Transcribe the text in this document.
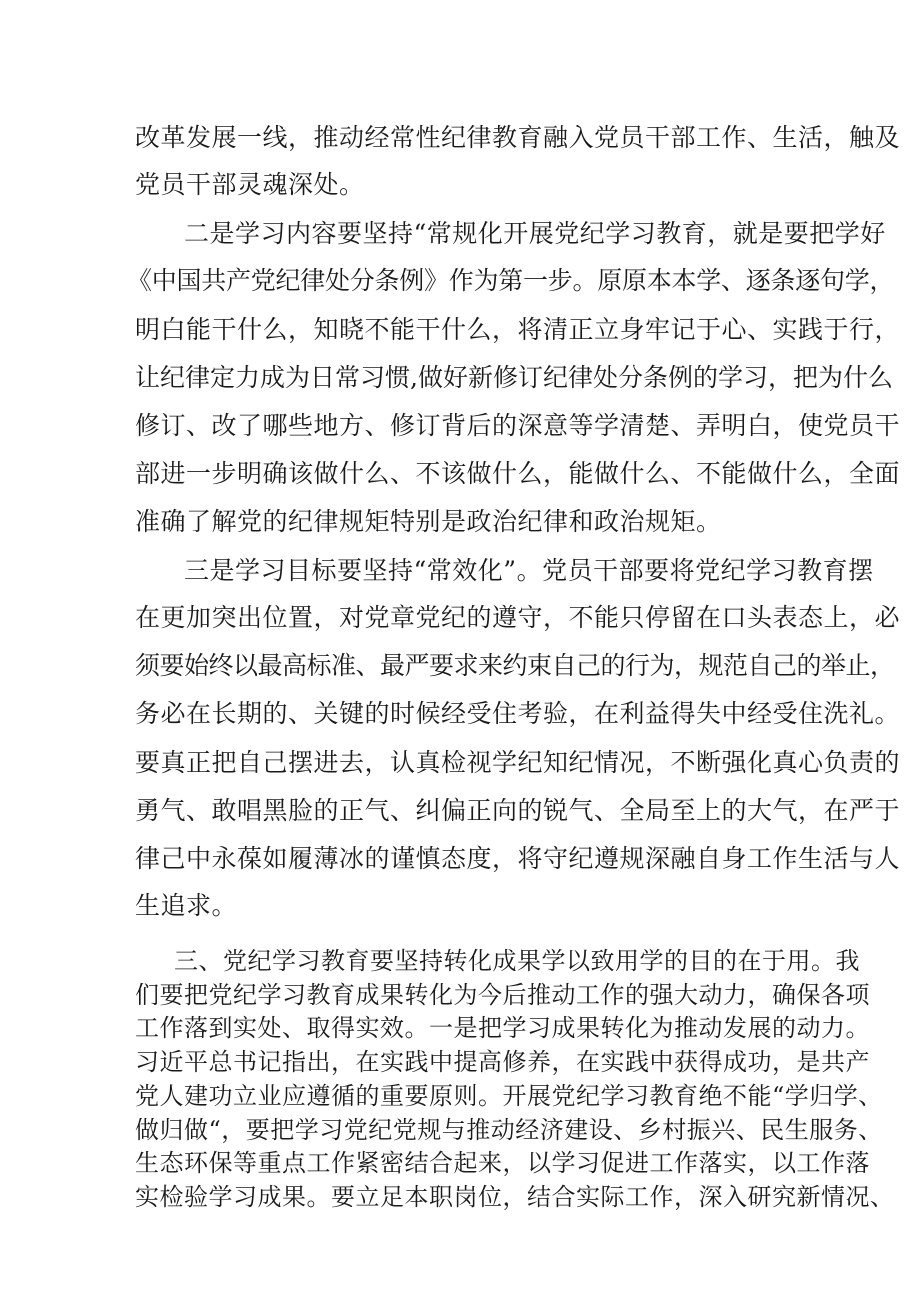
改革发展一线，推动经常性纪律教育融入党员干部工作、生活，触及
党员干部灵魂深处。
二是学习内容要坚持“常规化开展党纪学习教育，就是要把学好
《中国共产党纪律处分条例》作为第一步。原原本本学、逐条逐句学，
明白能干什么，知晓不能干什么，将清正立身牢记于心、实践于行，
让纪律定力成为日常习惯,做好新修订纪律处分条例的学习，把为什么
修订、改了哪些地方、修订背后的深意等学清楚、弄明白，使党员干
部进一步明确该做什么、不该做什么，能做什么、不能做什么，全面
准确了解党的纪律规矩特别是政治纪律和政治规矩。
三是学习目标要坚持“常效化”。党员干部要将党纪学习教育摆
在更加突出位置，对党章党纪的遵守，不能只停留在口头表态上，必
须要始终以最高标准、最严要求来约束自己的行为，规范自己的举止，
务必在长期的、关键的时候经受住考验，在利益得失中经受住洗礼。
要真正把自己摆进去，认真检视学纪知纪情况，不断强化真心负责的
勇气、敢唱黑脸的正气、纠偏正向的锐气、全局至上的大气，在严于
律己中永葆如履薄冰的谨慎态度，将守纪遵规深融自身工作生活与人
生追求。
三、党纪学习教育要坚持转化成果学以致用学的目的在于用。我
们要把党纪学习教育成果转化为今后推动工作的强大动力，确保各项
工作落到实处、取得实效。一是把学习成果转化为推动发展的动力。
习近平总书记指出，在实践中提高修养，在实践中获得成功，是共产
党人建功立业应遵循的重要原则。开展党纪学习教育绝不能“学归学、
做归做“，要把学习党纪党规与推动经济建设、乡村振兴、民生服务、
生态环保等重点工作紧密结合起来，以学习促进工作落实，以工作落
实检验学习成果。要立足本职岗位，结合实际工作，深入研究新情况、
